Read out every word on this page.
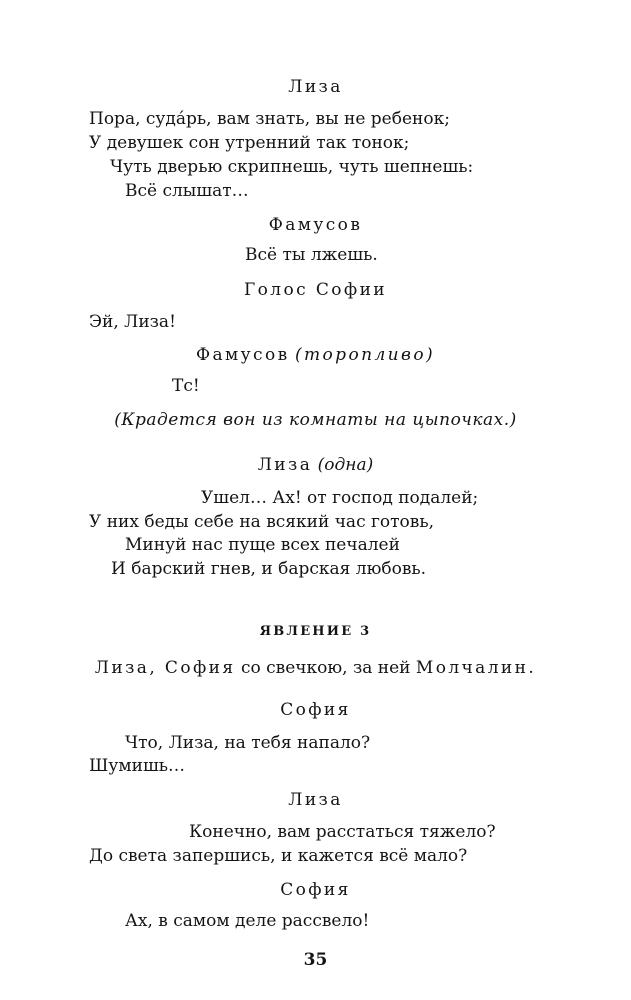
Лиза
Пора, суда́рь, вам знать, вы не ребенок;
У девушек сон утренний так тонок;
Чуть дверью скрипнешь, чуть шепнешь:
Всё слышат…
Фамусов
Всё ты лжешь.
Голос Софии
Эй, Лиза!
Фамусов (торопливо)
Тс!
(Крадется вон из комнаты на цыпочках.)
Лиза (одна)
Ушел… Ах! от господ подалей;
У них беды себе на всякий час готовь,
Минуй нас пуще всех печалей
И барский гнев, и барская любовь.
ЯВЛЕНИЕ 3
Лиза, София со свечкою, за ней Молчалин.
София
Что, Лиза, на тебя напало?
Шумишь…
Лиза
Конечно, вам расстаться тяжело?
До света запершись, и кажется всё мало?
София
Ах, в самом деле рассвело!
35
